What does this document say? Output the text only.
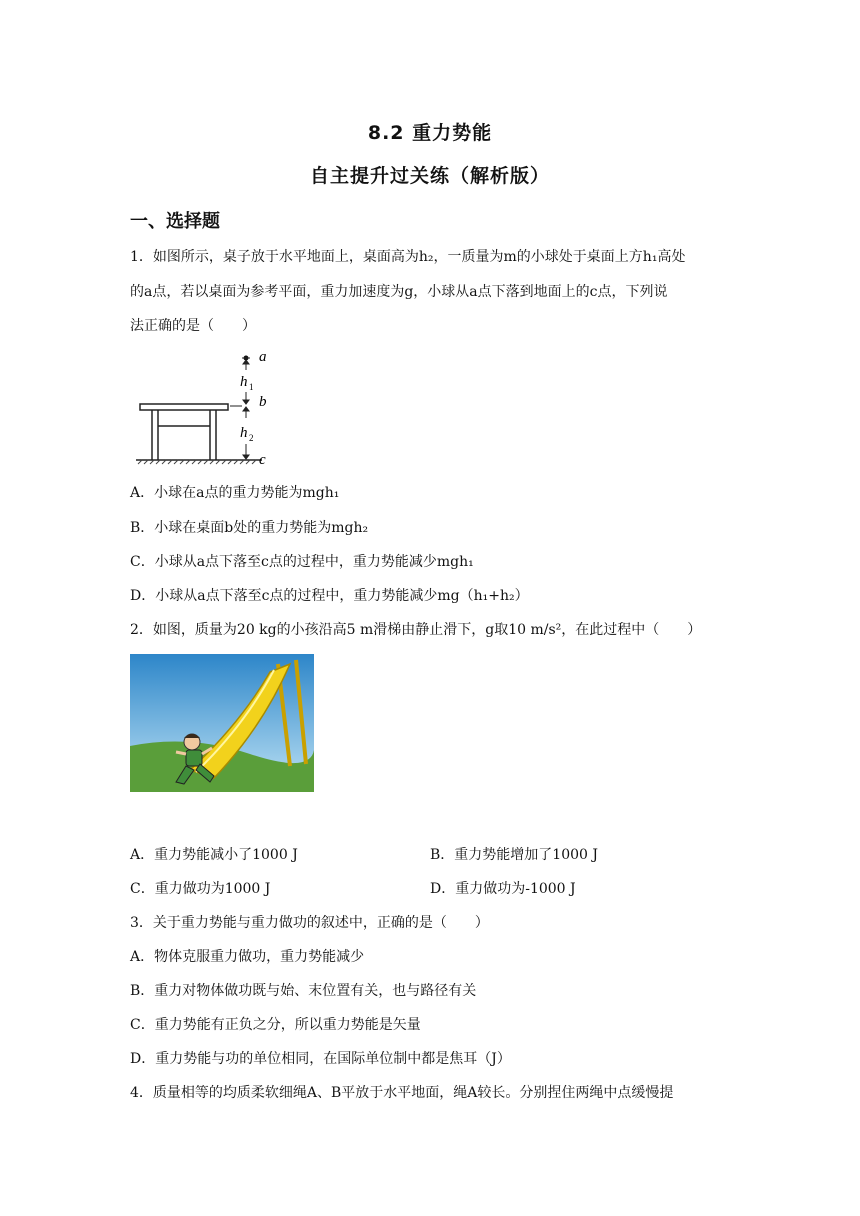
8.2 重力势能
自主提升过关练（解析版）
一、选择题
1．如图所示，桌子放于水平地面上，桌面高为h₂，一质量为m的小球处于桌面上方h₁高处
的a点，若以桌面为参考平面，重力加速度为g，小球从a点下落到地面上的c点，下列说
法正确的是（　　）
a
h 1
b
h 2
c
A．小球在a点的重力势能为mgh₁
B．小球在桌面b处的重力势能为mgh₂
C．小球从a点下落至c点的过程中，重力势能减少mgh₁
D．小球从a点下落至c点的过程中，重力势能减少mg（h₁+h₂）
2．如图，质量为20 kg的小孩沿高5 m滑梯由静止滑下，g取10 m/s²，在此过程中（　　）
A．重力势能减小了1000 J	B．重力势能增加了1000 J
C．重力做功为1000 J	D．重力做功为-1000 J
3．关于重力势能与重力做功的叙述中，正确的是（　　）
A．物体克服重力做功，重力势能减少
B．重力对物体做功既与始、末位置有关，也与路径有关
C．重力势能有正负之分，所以重力势能是矢量
D．重力势能与功的单位相同，在国际单位制中都是焦耳（J）
4．质量相等的均质柔软细绳A、B平放于水平地面，绳A较长。分别捏住两绳中点缓慢提
